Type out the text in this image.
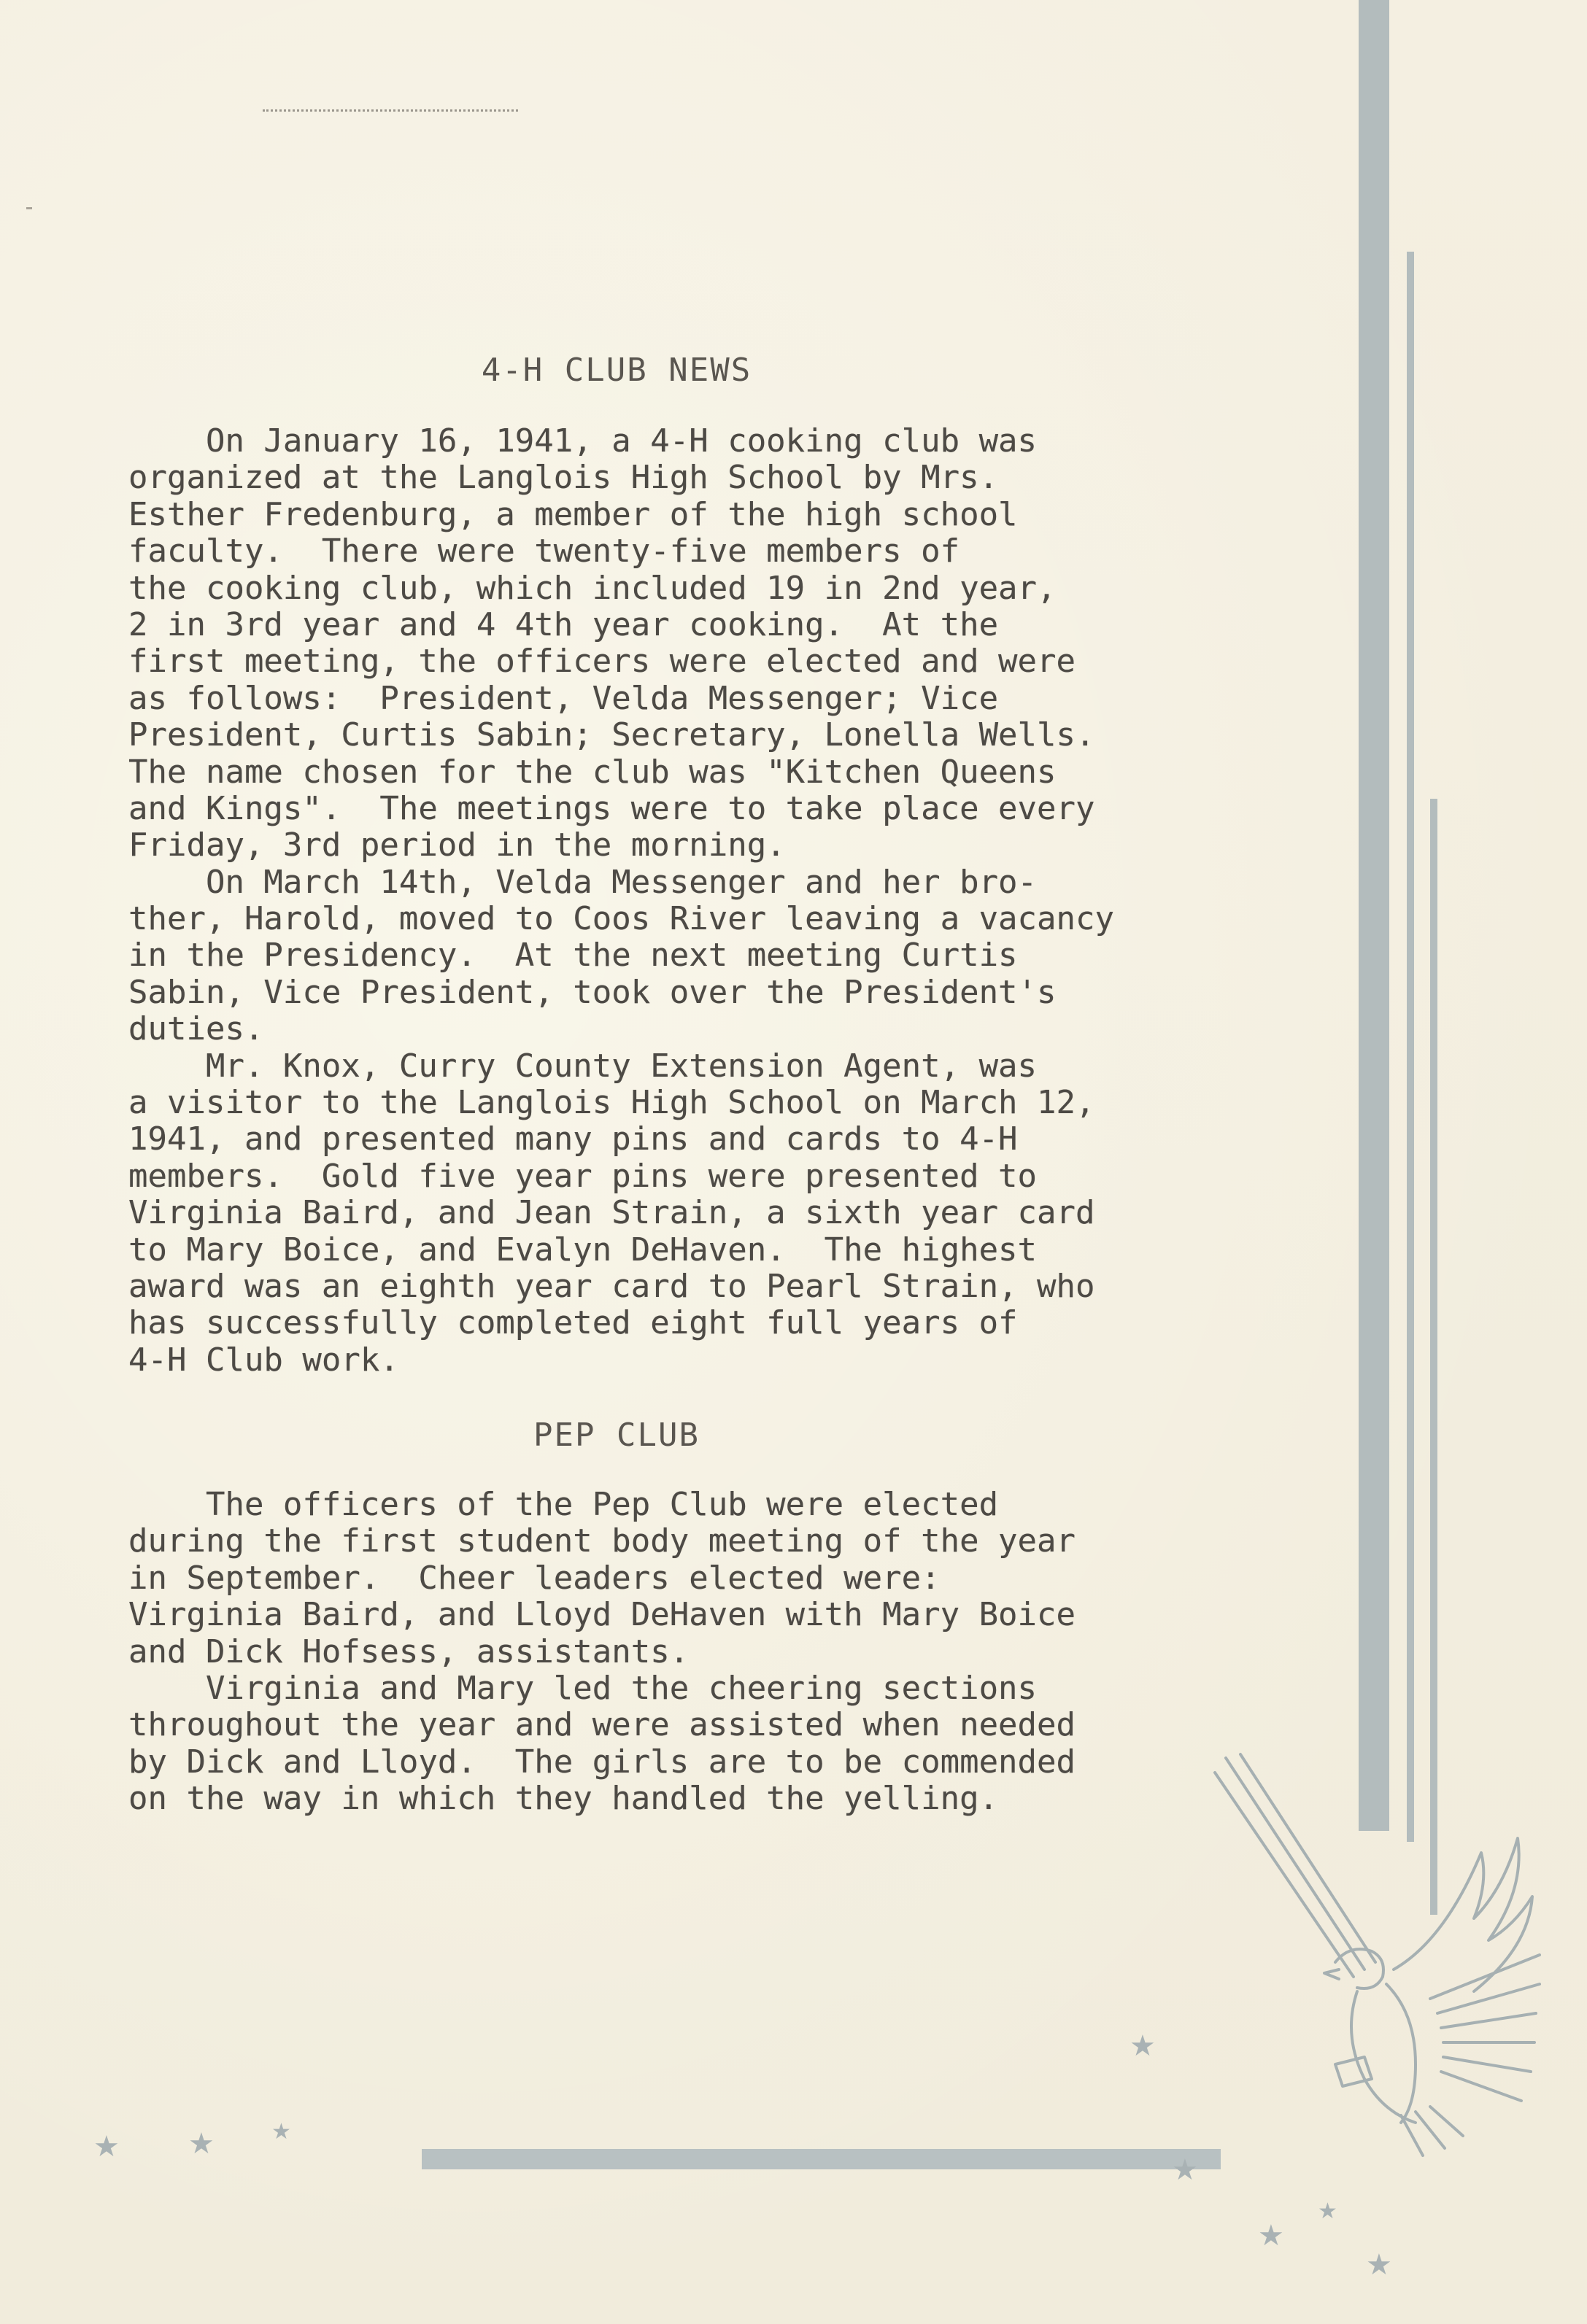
4-H CLUB NEWS
On January 16, 1941, a 4-H cooking club was
organized at the Langlois High School by Mrs.
Esther Fredenburg, a member of the high school
faculty.  There were twenty-five members of
the cooking club, which included 19 in 2nd year,
2 in 3rd year and 4 4th year cooking.  At the
first meeting, the officers were elected and were
as follows:  President, Velda Messenger; Vice
President, Curtis Sabin; Secretary, Lonella Wells.
The name chosen for the club was "Kitchen Queens
and Kings".  The meetings were to take place every
Friday, 3rd period in the morning.
On March 14th, Velda Messenger and her bro-
ther, Harold, moved to Coos River leaving a vacancy
in the Presidency.  At the next meeting Curtis
Sabin, Vice President, took over the President's
duties.
Mr. Knox, Curry County Extension Agent, was
a visitor to the Langlois High School on March 12,
1941, and presented many pins and cards to 4-H
members.  Gold five year pins were presented to
Virginia Baird, and Jean Strain, a sixth year card
to Mary Boice, and Evalyn DeHaven.  The highest
award was an eighth year card to Pearl Strain, who
has successfully completed eight full years of
4-H Club work.
PEP CLUB
The officers of the Pep Club were elected
during the first student body meeting of the year
in September.  Cheer leaders elected were:
Virginia Baird, and Lloyd DeHaven with Mary Boice
and Dick Hofsess, assistants.
Virginia and Mary led the cheering sections
throughout the year and were assisted when needed
by Dick and Lloyd.  The girls are to be commended
on the way in which they handled the yelling.
★ ★	★
★
★
★
★
★
